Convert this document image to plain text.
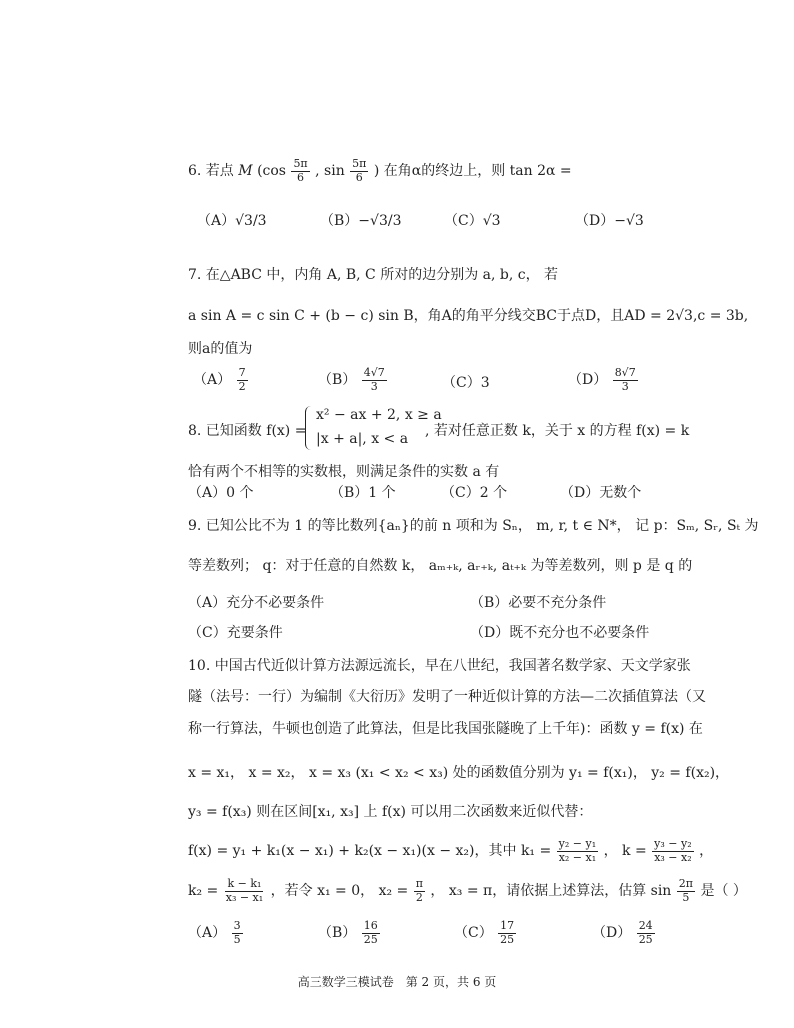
6. 若点 M ($\cos \frac{5\pi}{6}$ , $\sin \frac{5\pi}{6}$ ) 在角α的终边上，则 tan 2α =
（A）√3/3	（B）−√3/3	（C）√3	（D）−√3
7. 在△ABC 中，内角 A, B, C 所对的边分别为 a, b, c， 若
a sin A = c sin C + (b − c) sin B，角A的角平分线交BC于点D，且AD = 2√3,c = 3b,
则a的值为
$(A) \frac{7}{2}$	$(B) \frac{4√7}{3}$	（C）3	$(D) \frac{8√7}{3}$
8. 已知函数 f(x) =
x² − ax + 2, x ≥ a
|x + a|, x < a , 若对任意正数 k，关于 x 的方程 f(x) = k
恰有两个不相等的实数根，则满足条件的实数 a 有
（A）0 个	（B）1 个	（C）2 个	（D）无数个
9. 已知公比不为 1 的等比数列{aₙ}的前 n 项和为 Sₙ， m, r, t ∈ N*， 记 p：Sₘ, Sᵣ, Sₜ 为
等差数列； q：对于任意的自然数 k， aₘ₊ₖ, aᵣ₊ₖ, aₜ₊ₖ 为等差数列，则 p 是 q 的
（A）充分不必要条件	（B）必要不充分条件
（C）充要条件	（D）既不充分也不必要条件
10. 中国古代近似计算方法源远流长，早在八世纪，我国著名数学家、天文学家张
隧（法号：一行）为编制《大衍历》发明了一种近似计算的方法—二次插值算法（又
称一行算法，牛顿也创造了此算法，但是比我国张隧晚了上千年)：函数 y = f(x) 在
x = x₁， x = x₂， x = x₃ (x₁ < x₂ < x₃) 处的函数值分别为 y₁ = f(x₁)， y₂ = f(x₂)，
y₃ = f(x₃) 则在区间[x₁, x₃] 上 f(x) 可以用二次函数来近似代替：
f(x) = y₁ + k₁(x − x₁) + k₂(x − x₁)(x − x₂)，其中 $k_1 = \frac{\text{y₂ − y₁}}{\text{x₂ − x₁}}$ ， $k = \frac{\text{y₃ − y₂}}{\text{x₃ − x₂}}$ ，
$k_2 = \frac{\text{k − k₁}}{\text{x₃ − x₁}}$ ，若令 x₁ = 0， $x_2 = \frac{\pi}{2}$ ， x₃ = π，请依据上述算法，估算 $\sin \frac{2\pi}{5}$ 是（ ）
$(A) \frac{3}{5}$	$(B) \frac{16}{25}$	$(C) \frac{17}{25}$	$(D) \frac{24}{25}$
高三数学三模试卷　第 2 页，共 6 页
